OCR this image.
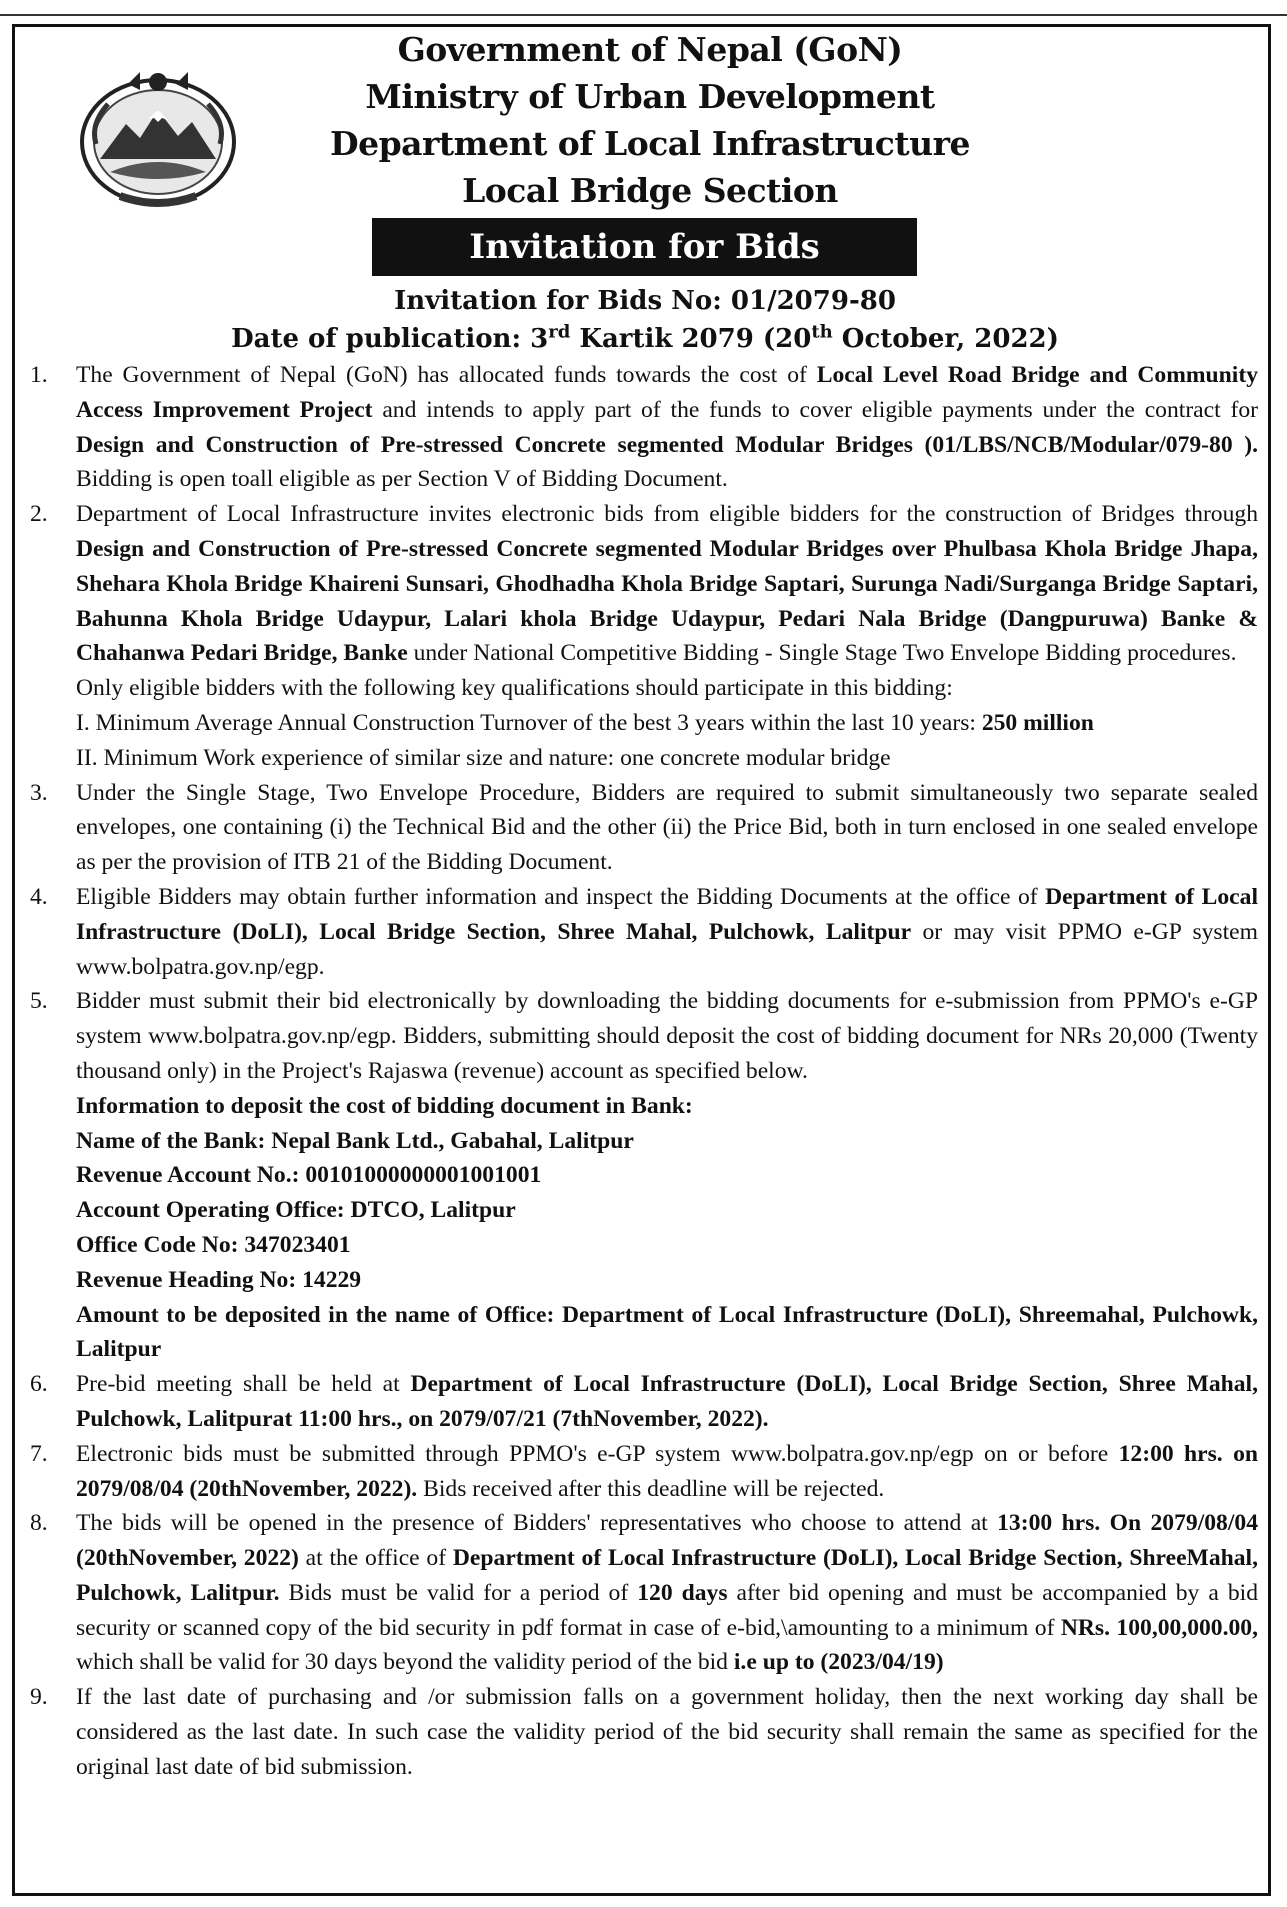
Government of Nepal (GoN)
Ministry of Urban Development
Department of Local Infrastructure
Local Bridge Section
Invitation for Bids
Invitation for Bids No: 01/2079-80
Date of publication: 3rd Kartik 2079 (20th October, 2022)
1. The Government of Nepal (GoN) has allocated funds towards the cost of Local Level Road Bridge and Community Access Improvement Project and intends to apply part of the funds to cover eligible payments under the contract for Design and Construction of Pre-stressed Concrete segmented Modular Bridges (01/LBS/NCB/Modular/079-80 ). Bidding is open toall eligible as per Section V of Bidding Document.
2. Department of Local Infrastructure invites electronic bids from eligible bidders for the construction of Bridges through Design and Construction of Pre-stressed Concrete segmented Modular Bridges over Phulbasa Khola Bridge Jhapa, Shehara Khola Bridge Khaireni Sunsari, Ghodhadha Khola Bridge Saptari, Surunga Nadi/Surganga Bridge Saptari, Bahunna Khola Bridge Udaypur, Lalari khola Bridge Udaypur, Pedari Nala Bridge (Dangpuruwa) Banke & Chahanwa Pedari Bridge, Banke under National Competitive Bidding - Single Stage Two Envelope Bidding procedures.
Only eligible bidders with the following key qualifications should participate in this bidding:
I. Minimum Average Annual Construction Turnover of the best 3 years within the last 10 years: 250 million
II. Minimum Work experience of similar size and nature: one concrete modular bridge
3. Under the Single Stage, Two Envelope Procedure, Bidders are required to submit simultaneously two separate sealed envelopes, one containing (i) the Technical Bid and the other (ii) the Price Bid, both in turn enclosed in one sealed envelope as per the provision of ITB 21 of the Bidding Document.
4. Eligible Bidders may obtain further information and inspect the Bidding Documents at the office of Department of Local Infrastructure (DoLI), Local Bridge Section, Shree Mahal, Pulchowk, Lalitpur or may visit PPMO e-GP system www.bolpatra.gov.np/egp.
5. Bidder must submit their bid electronically by downloading the bidding documents for e-submission from PPMO's e-GP system www.bolpatra.gov.np/egp. Bidders, submitting should deposit the cost of bidding document for NRs 20,000 (Twenty thousand only) in the Project's Rajaswa (revenue) account as specified below.
Information to deposit the cost of bidding document in Bank:
Name of the Bank: Nepal Bank Ltd., Gabahal, Lalitpur
Revenue Account No.: 00101000000001001001
Account Operating Office: DTCO, Lalitpur
Office Code No: 347023401
Revenue Heading No: 14229
Amount to be deposited in the name of Office: Department of Local Infrastructure (DoLI), Shreemahal, Pulchowk, Lalitpur
6. Pre-bid meeting shall be held at Department of Local Infrastructure (DoLI), Local Bridge Section, Shree Mahal, Pulchowk, Lalitpurat 11:00 hrs., on 2079/07/21 (7thNovember, 2022).
7. Electronic bids must be submitted through PPMO's e-GP system www.bolpatra.gov.np/egp on or before 12:00 hrs. on 2079/08/04 (20thNovember, 2022). Bids received after this deadline will be rejected.
8. The bids will be opened in the presence of Bidders' representatives who choose to attend at 13:00 hrs. On 2079/08/04 (20thNovember, 2022) at the office of Department of Local Infrastructure (DoLI), Local Bridge Section, ShreeMahal, Pulchowk, Lalitpur. Bids must be valid for a period of 120 days after bid opening and must be accompanied by a bid security or scanned copy of the bid security in pdf format in case of e-bid,\amounting to a minimum of NRs. 100,00,000.00, which shall be valid for 30 days beyond the validity period of the bid i.e up to (2023/04/19)
9. If the last date of purchasing and /or submission falls on a government holiday, then the next working day shall be considered as the last date. In such case the validity period of the bid security shall remain the same as specified for the original last date of bid submission.
